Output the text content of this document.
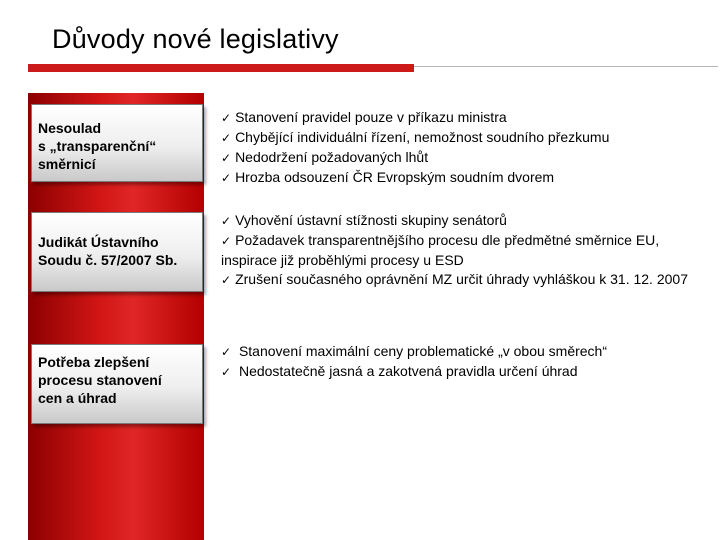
Důvody nové legislativy
Nesoulad
s „transparenční“
směrnicí
✓ Stanovení pravidel pouze v příkazu ministra
✓ Chybějící individuální řízení, nemožnost soudního přezkumu
✓ Nedodržení požadovaných lhůt
✓ Hrozba odsouzení ČR Evropským soudním dvorem
Judikát Ústavního
Soudu č. 57/2007 Sb.
✓ Vyhovění ústavní stížnosti skupiny senátorů
✓ Požadavek transparentnějšího procesu dle předmětné směrnice EU, inspirace již proběhlými procesy u ESD
✓ Zrušení současného oprávnění MZ určit úhrady vyhláškou k 31. 12. 2007
Potřeba zlepšení
procesu stanovení
cen a úhrad
✓ Stanovení maximální ceny problematické „v obou směrech“
✓ Nedostatečně jasná a zakotvená pravidla určení úhrad
